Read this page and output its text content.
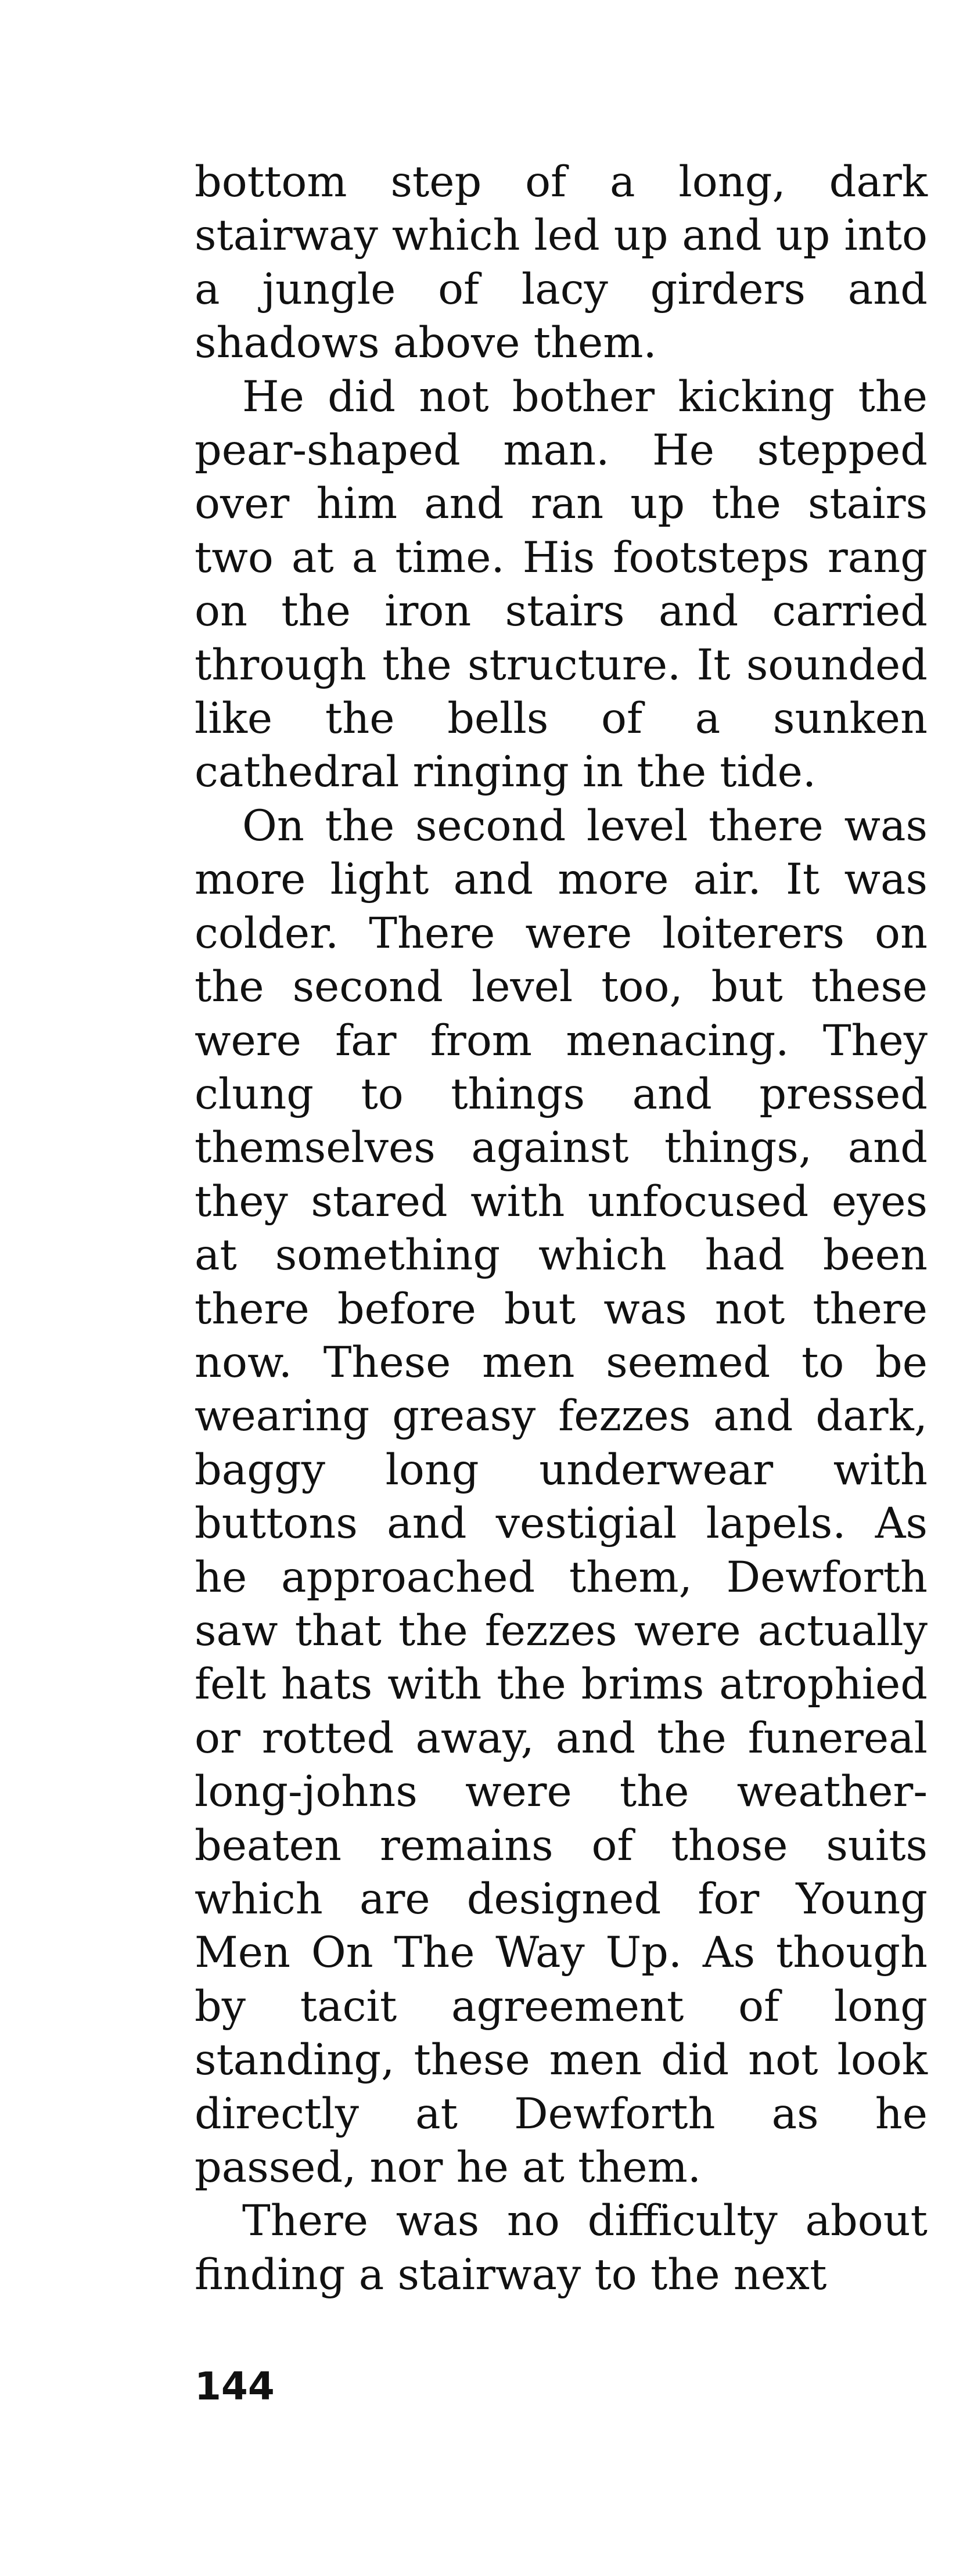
bottom step of a long, dark stairway which led up and up into a jungle of lacy girders and shadows above them.

He did not bother kicking the pear-shaped man. He stepped over him and ran up the stairs two at a time. His footsteps rang on the iron stairs and carried through the structure. It sounded like the bells of a sunken cathedral ringing in the tide.

On the second level there was more light and more air. It was colder. There were loiterers on the second level too, but these were far from menacing. They clung to things and pressed themselves against things, and they stared with unfocused eyes at something which had been there before but was not there now. These men seemed to be wearing greasy fezzes and dark, baggy long underwear with buttons and vestigial lapels. As he approached them, Dewforth saw that the fezzes were actually felt hats with the brims atrophied or rotted away, and the funereal long-johns were the weather-beaten remains of those suits which are designed for Young Men On The Way Up. As though by tacit agreement of long standing, these men did not look directly at Dewforth as he passed, nor he at them.

There was no difficulty about finding a stairway to the next

144
